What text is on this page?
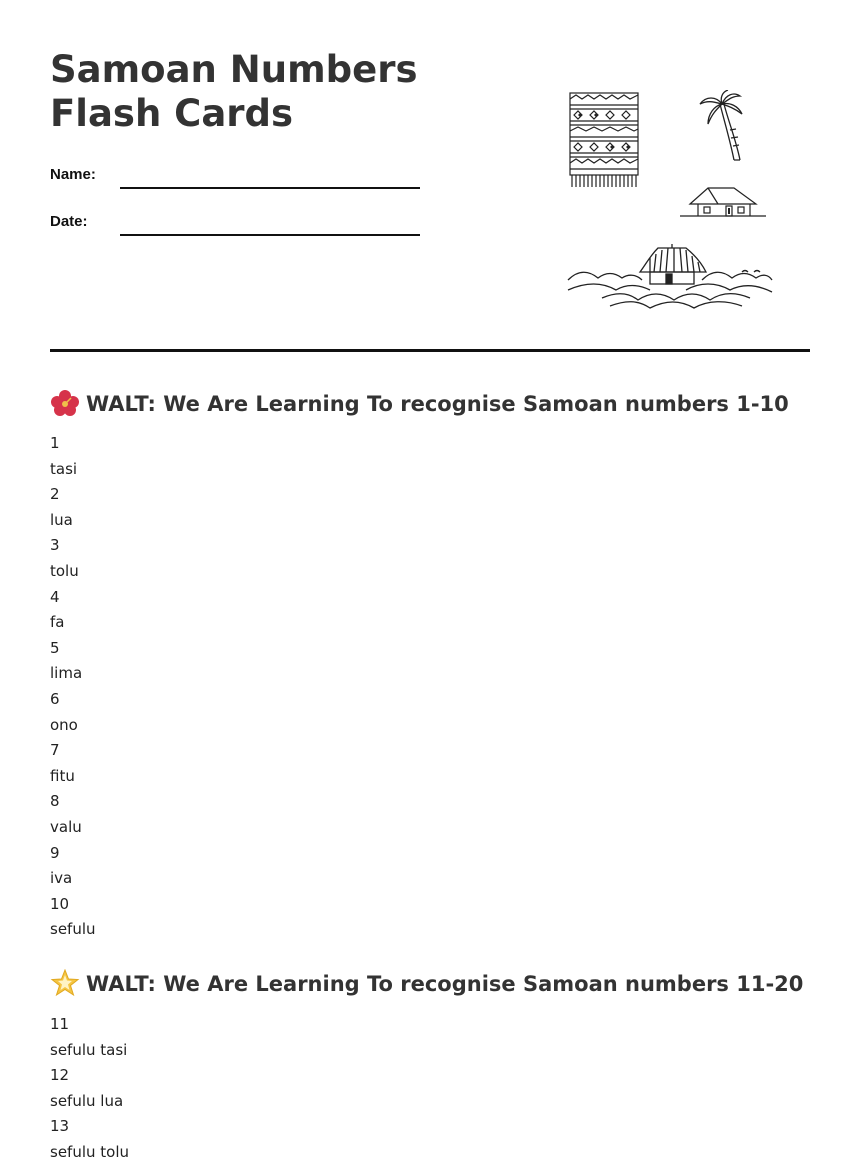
Samoan Numbers Flash Cards
Name:
Date:
WALT: We Are Learning To recognise Samoan numbers 1-10
1
tasi
2
lua
3
tolu
4
fa
5
lima
6
ono
7
fitu
8
valu
9
iva
10
sefulu
WALT: We Are Learning To recognise Samoan numbers 11-20
11
sefulu tasi
12
sefulu lua
13
sefulu tolu
